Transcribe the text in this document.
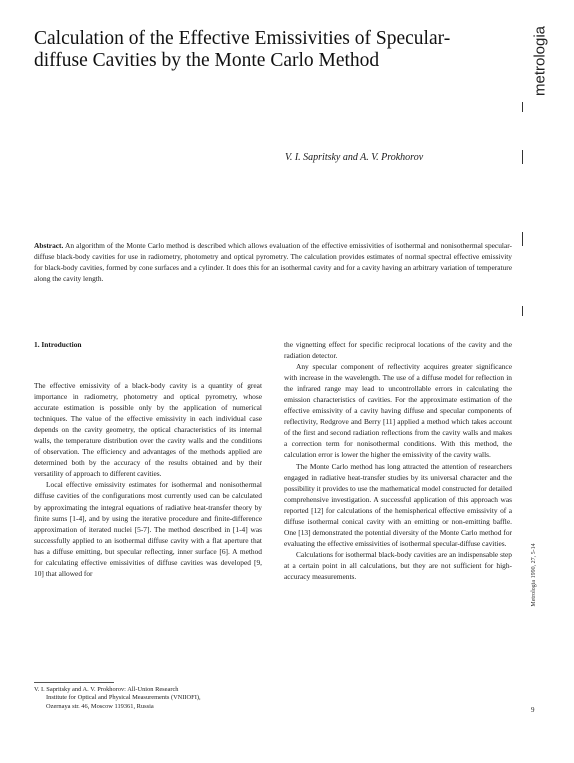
Calculation of the Effective Emissivities of Specular-
diffuse Cavities by the Monte Carlo Method	metrologia
V. I. Sapritsky and A. V. Prokhorov
Abstract. An algorithm of the Monte Carlo method is described which allows evaluation of the effective emissivities of isothermal and nonisothermal specular-diffuse black-body cavities for use in radiometry, photometry and optical pyrometry. The calculation provides estimates of normal spectral effective emissivity for black-body cavities, formed by cone surfaces and a cylinder. It does this for an isothermal cavity and for a cavity having an arbitrary variation of temperature along the cavity length.
1. Introduction

The effective emissivity of a black-body cavity is a quantity of great importance in radiometry, photometry and optical pyrometry, whose accurate estimation is possible only by the application of numerical techniques. The value of the effective emissivity in each individual case depends on the cavity geometry, the optical characteristics of its internal walls, the temperature distribution over the cavity walls and the conditions of observation. The efficiency and advantages of the methods applied are determined both by the accuracy of the results obtained and by their versatility of approach to different cavities.

Local effective emissivity estimates for isothermal and nonisothermal diffuse cavities of the configurations most currently used can be calculated by approximating the integral equations of radiative heat-transfer theory by finite sums [1-4], and by using the iterative procedure and finite-difference approximation of iterated nuclei [5-7]. The method described in [1-4] was successfully applied to an isothermal diffuse cavity with a flat aperture that has a diffuse emitting, but specular reflecting, inner surface [6]. A method for calculating effective emissivities of diffuse cavities was developed [9, 10] that allowed for

the vignetting effect for specific reciprocal locations of the cavity and the radiation detector.

Any specular component of reflectivity acquires greater significance with increase in the wavelength. The use of a diffuse model for reflection in the infrared range may lead to uncontrollable errors in calculating the emission characteristics of cavities. For the approximate estimation of the effective emissivity of a cavity having diffuse and specular components of reflectivity, Redgrove and Berry [11] applied a method which takes account of the first and second radiation reflections from the cavity walls and makes a correction term for nonisothermal conditions. With this method, the calculation error is lower the higher the emissivity of the cavity walls.

The Monte Carlo method has long attracted the attention of researchers engaged in radiative heat-transfer studies by its universal character and the possibility it provides to use the mathematical model constructed for detailed comprehensive investigation. A successful application of this approach was reported [12] for calculations of the hemispherical effective emissivity of a diffuse isothermal conical cavity with an emitting or non-emitting baffle. One [13] demonstrated the potential diversity of the Monte Carlo method for evaluating the effective emissivities of isothermal specular-diffuse cavities.

Calculations for isothermal black-body cavities are an indispensable step at a certain point in all calculations, but they are not sufficient for high-accuracy measurements.

V. I. Sapritsky and A. V. Prokhorov: All-Union Research
Institute for Optical and Physical Measurements (VNIIOFI),
Ozernaya str. 46, Moscow 119361, Russia
Metrologia 1990, 27, 5-14
9
